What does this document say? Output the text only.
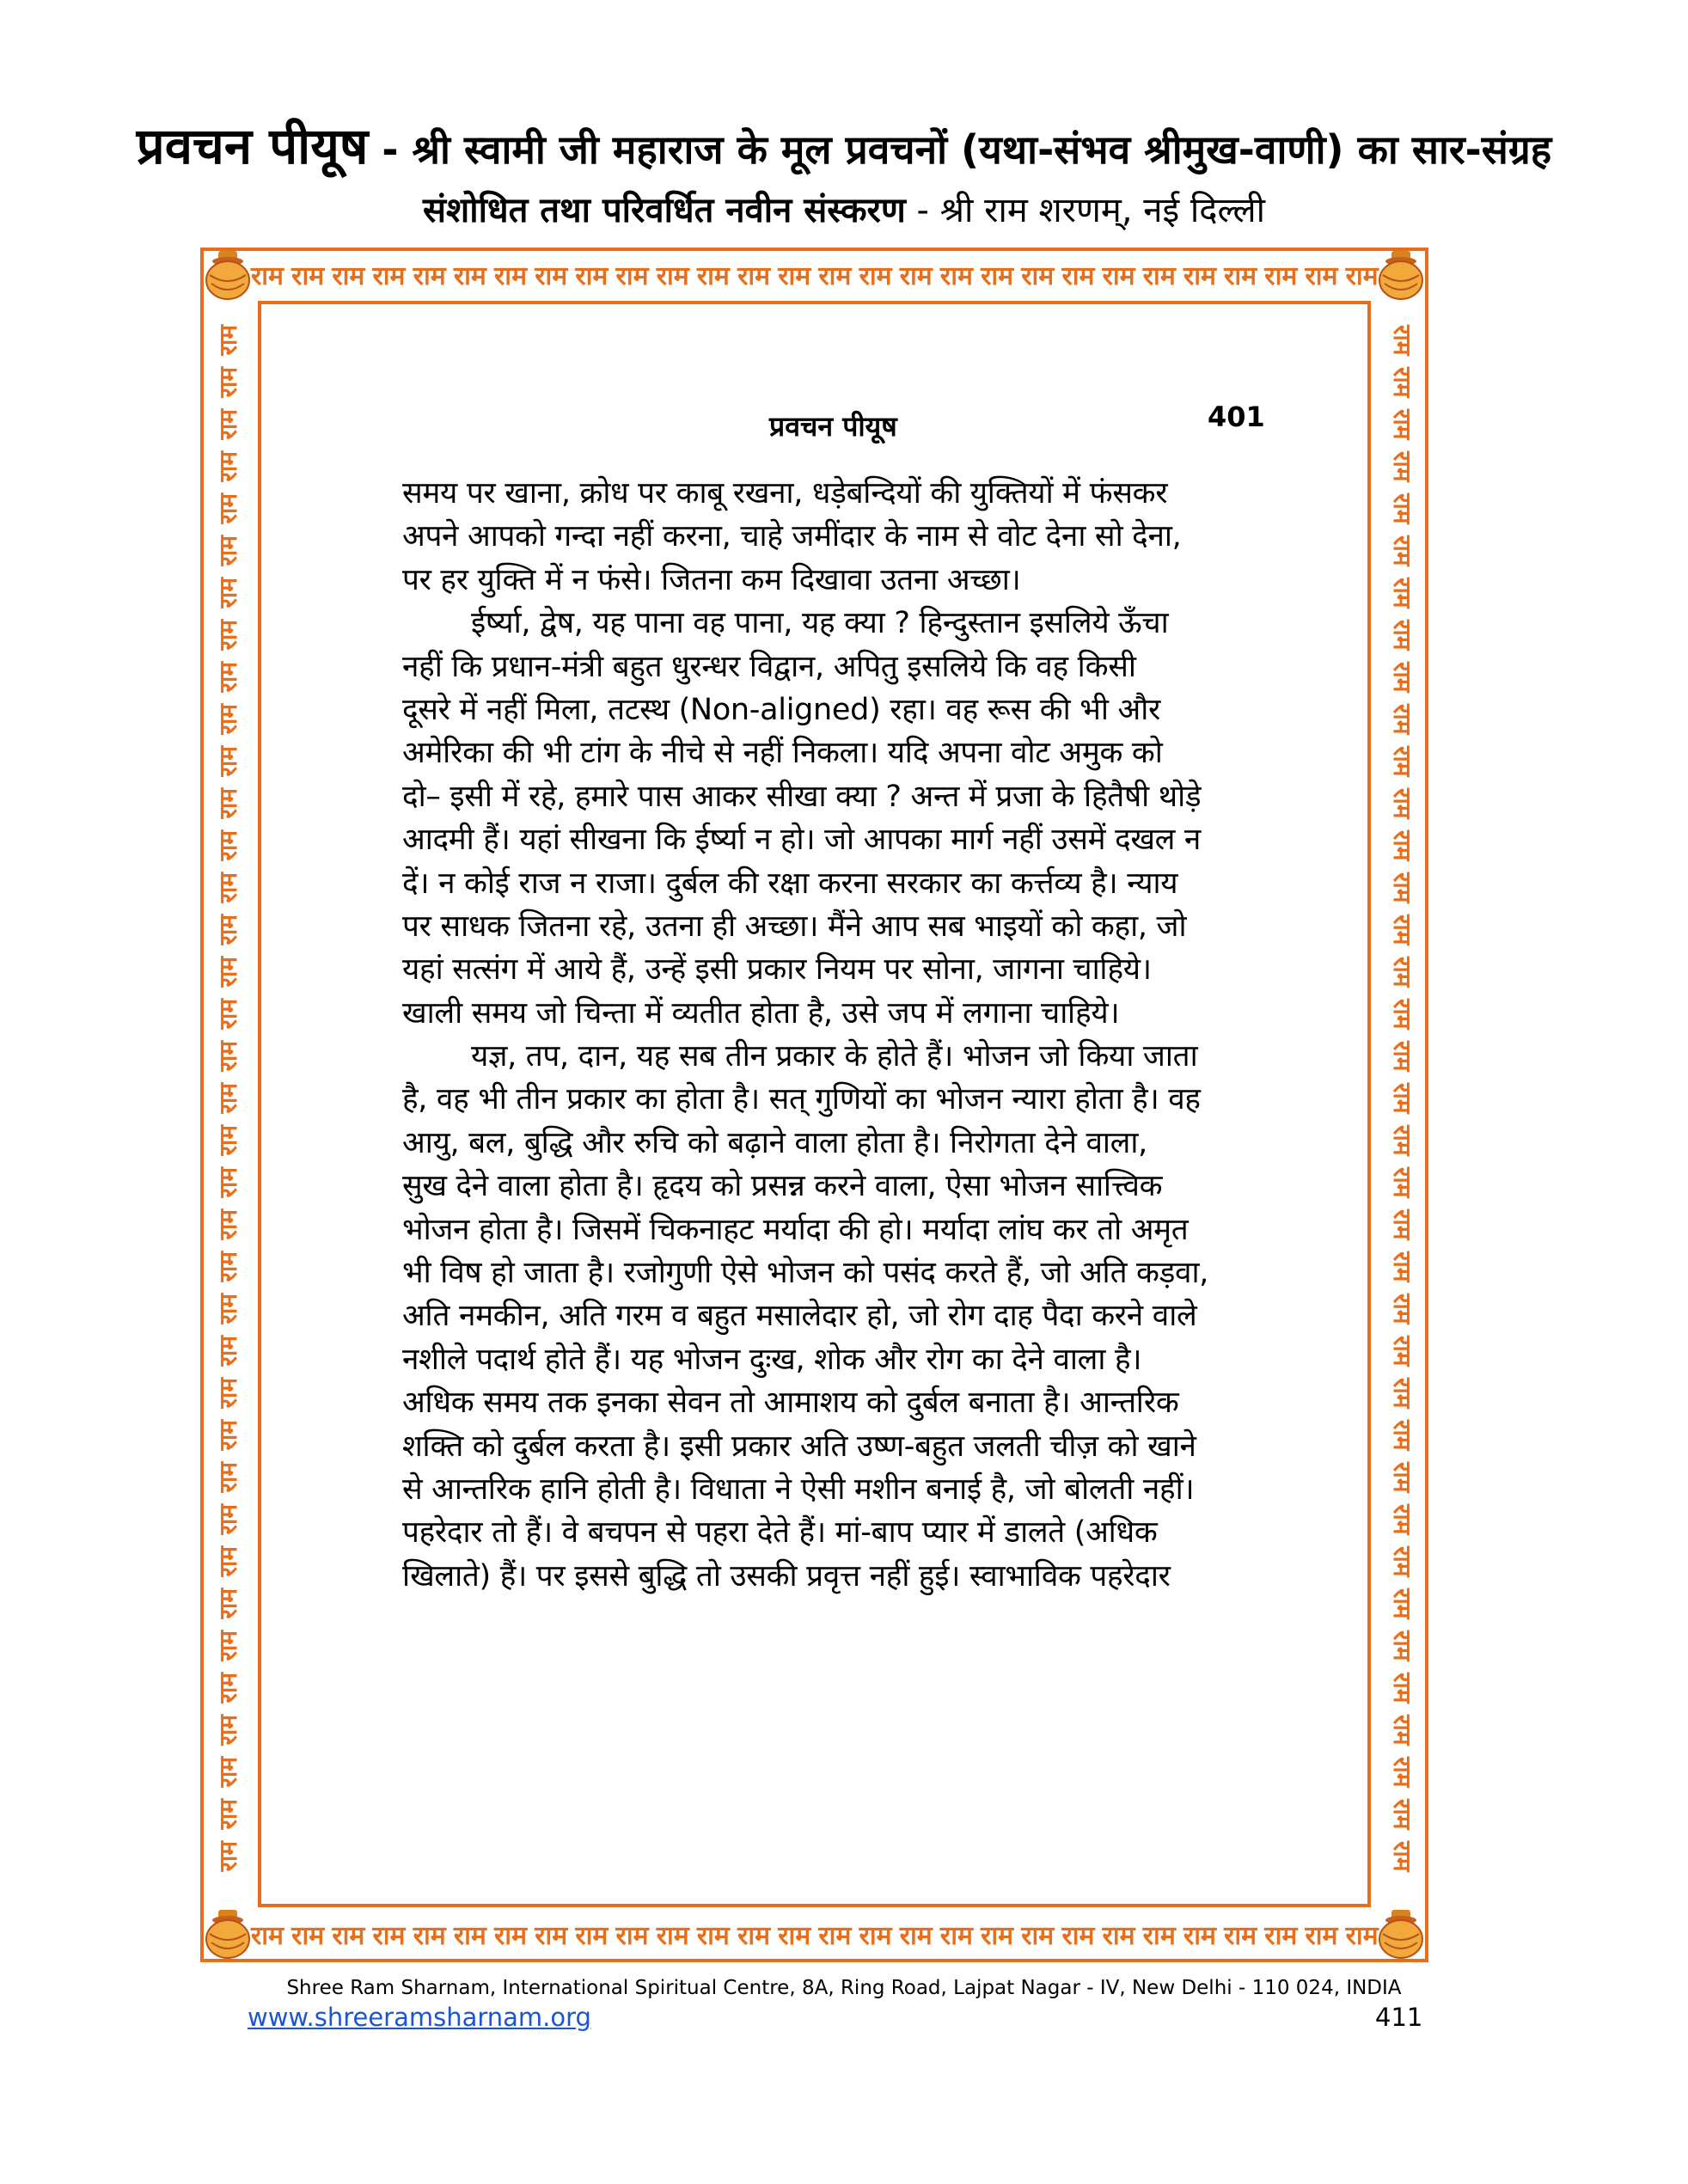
प्रवचन पीयूष - श्री स्वामी जी महाराज के मूल प्रवचनों (यथा-संभव श्रीमुख-वाणी) का सार-संग्रह
संशोधित तथा परिवर्धित नवीन संस्करण - श्री राम शरणम्, नई दिल्ली
राम राम राम राम राम राम राम राम राम राम राम राम राम राम राम राम राम राम राम राम राम राम राम राम राम राम राम राम
राम राम राम राम राम राम राम राम राम राम राम राम राम राम राम राम राम राम राम राम राम राम राम राम राम राम राम राम
राम
राम
राम
राम
राम
राम
राम
राम
राम
राम
राम
राम
राम
राम
राम
राम
राम
राम
राम
राम
राम
राम
राम
राम
राम
राम
राम
राम
राम
राम
राम
राम
राम
राम
राम
राम
राम
राम
राम
राम
राम
राम
राम
राम
राम
राम
राम
राम
राम
राम
राम
राम
राम
राम
राम
राम
राम
राम
राम
राम
राम
राम
राम
राम
राम
राम
राम
राम
राम
राम
राम
राम
राम
राम
प्रवचन पीयूष	401
समय पर खाना, क्रोध पर काबू रखना, धड़ेबन्दियों की युक्तियों में फंसकर
अपने आपको गन्दा नहीं करना, चाहे जमींदार के नाम से वोट देना सो देना,
पर हर युक्ति में न फंसे। जितना कम दिखावा उतना अच्छा।
ईर्ष्या, द्वेष, यह पाना वह पाना, यह क्या ? हिन्दुस्तान इसलिये ऊँचा
नहीं कि प्रधान-मंत्री बहुत धुरन्धर विद्वान, अपितु इसलिये कि वह किसी
दूसरे में नहीं मिला, तटस्थ (Non-aligned) रहा। वह रूस की भी और
अमेरिका की भी टांग के नीचे से नहीं निकला। यदि अपना वोट अमुक को
दो– इसी में रहे, हमारे पास आकर सीखा क्या ? अन्त में प्रजा के हितैषी थोड़े
आदमी हैं। यहां सीखना कि ईर्ष्या न हो। जो आपका मार्ग नहीं उसमें दखल न
दें। न कोई राज न राजा। दुर्बल की रक्षा करना सरकार का कर्त्तव्य है। न्याय
पर साधक जितना रहे, उतना ही अच्छा। मैंने आप सब भाइयों को कहा, जो
यहां सत्संग में आये हैं, उन्हें इसी प्रकार नियम पर सोना, जागना चाहिये।
खाली समय जो चिन्ता में व्यतीत होता है, उसे जप में लगाना चाहिये।
यज्ञ, तप, दान, यह सब तीन प्रकार के होते हैं। भोजन जो किया जाता
है, वह भी तीन प्रकार का होता है। सत् गुणियों का भोजन न्यारा होता है। वह
आयु, बल, बुद्धि और रुचि को बढ़ाने वाला होता है। निरोगता देने वाला,
सुख देने वाला होता है। हृदय को प्रसन्न करने वाला, ऐसा भोजन सात्त्विक
भोजन होता है। जिसमें चिकनाहट मर्यादा की हो। मर्यादा लांघ कर तो अमृत
भी विष हो जाता है। रजोगुणी ऐसे भोजन को पसंद करते हैं, जो अति कड़वा,
अति नमकीन, अति गरम व बहुत मसालेदार हो, जो रोग दाह पैदा करने वाले
नशीले पदार्थ होते हैं। यह भोजन दुःख, शोक और रोग का देने वाला है।
अधिक समय तक इनका सेवन तो आमाशय को दुर्बल बनाता है। आन्तरिक
शक्ति को दुर्बल करता है। इसी प्रकार अति उष्ण-बहुत जलती चीज़ को खाने
से आन्तरिक हानि होती है। विधाता ने ऐसी मशीन बनाई है, जो बोलती नहीं।
पहरेदार तो हैं। वे बचपन से पहरा देते हैं। मां-बाप प्यार में डालते (अधिक
खिलाते) हैं। पर इससे बुद्धि तो उसकी प्रवृत्त नहीं हुई। स्वाभाविक पहरेदार
Shree Ram Sharnam, International Spiritual Centre, 8A, Ring Road, Lajpat Nagar - IV, New Delhi - 110 024, INDIA
www.shreeramsharnam.org	411
